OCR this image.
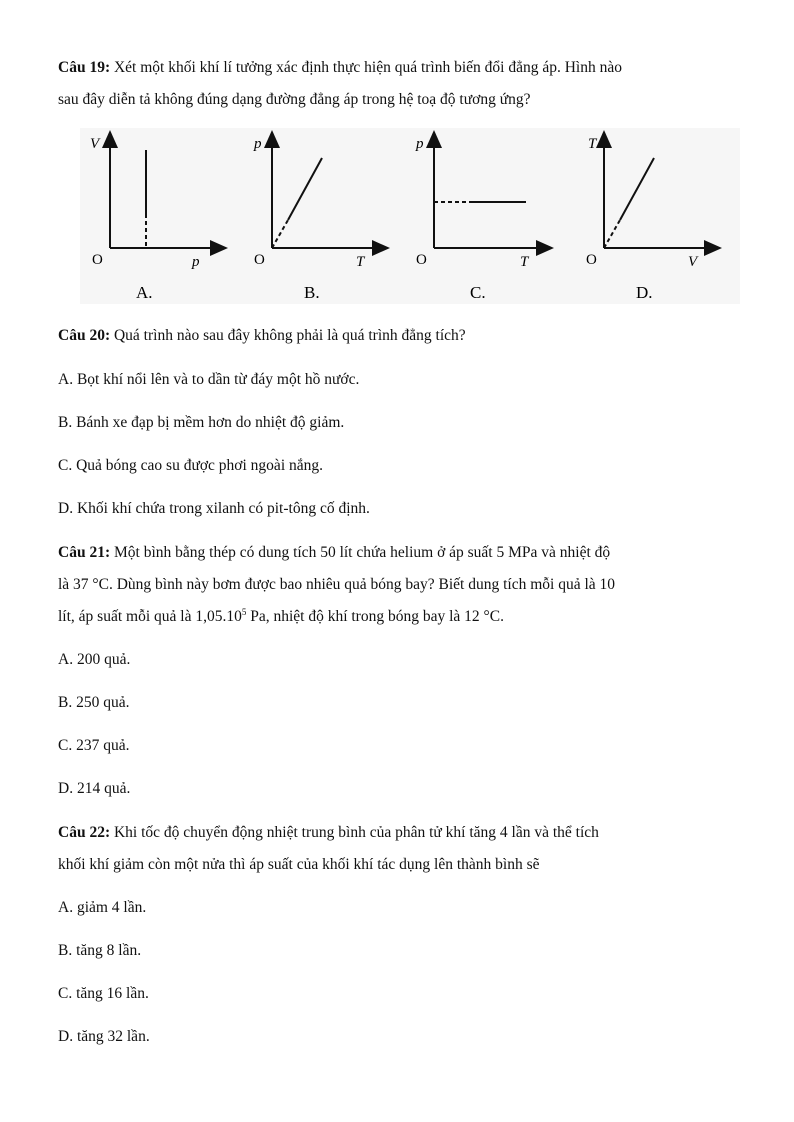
Câu 19: Xét một khối khí lí tưởng xác định thực hiện quá trình biến đổi đẳng áp. Hình nào
sau đây diễn tả không đúng dạng đường đẳng áp trong hệ toạ độ tương ứng?
V
O	p
A.
p
O	T
B.
p
O	T
C.
T
O	V
D.
Câu 20: Quá trình nào sau đây không phải là quá trình đẳng tích?
A. Bọt khí nổi lên và to dần từ đáy một hồ nước.
B. Bánh xe đạp bị mềm hơn do nhiệt độ giảm.
C. Quả bóng cao su được phơi ngoài nắng.
D. Khối khí chứa trong xilanh có pit-tông cố định.
Câu 21: Một bình bằng thép có dung tích 50 lít chứa helium ở áp suất 5 MPa và nhiệt độ
là 37 °C. Dùng bình này bơm được bao nhiêu quả bóng bay? Biết dung tích mỗi quả là 10
lít, áp suất mỗi quả là 1,05.10$^5$ Pa, nhiệt độ khí trong bóng bay là 12 °C.
A. 200 quả.
B. 250 quả.
C. 237 quả.
D. 214 quả.
Câu 22: Khi tốc độ chuyển động nhiệt trung bình của phân tử khí tăng 4 lần và thể tích
khối khí giảm còn một nửa thì áp suất của khối khí tác dụng lên thành bình sẽ
A. giảm 4 lần.
B. tăng 8 lần.
C. tăng 16 lần.
D. tăng 32 lần.
